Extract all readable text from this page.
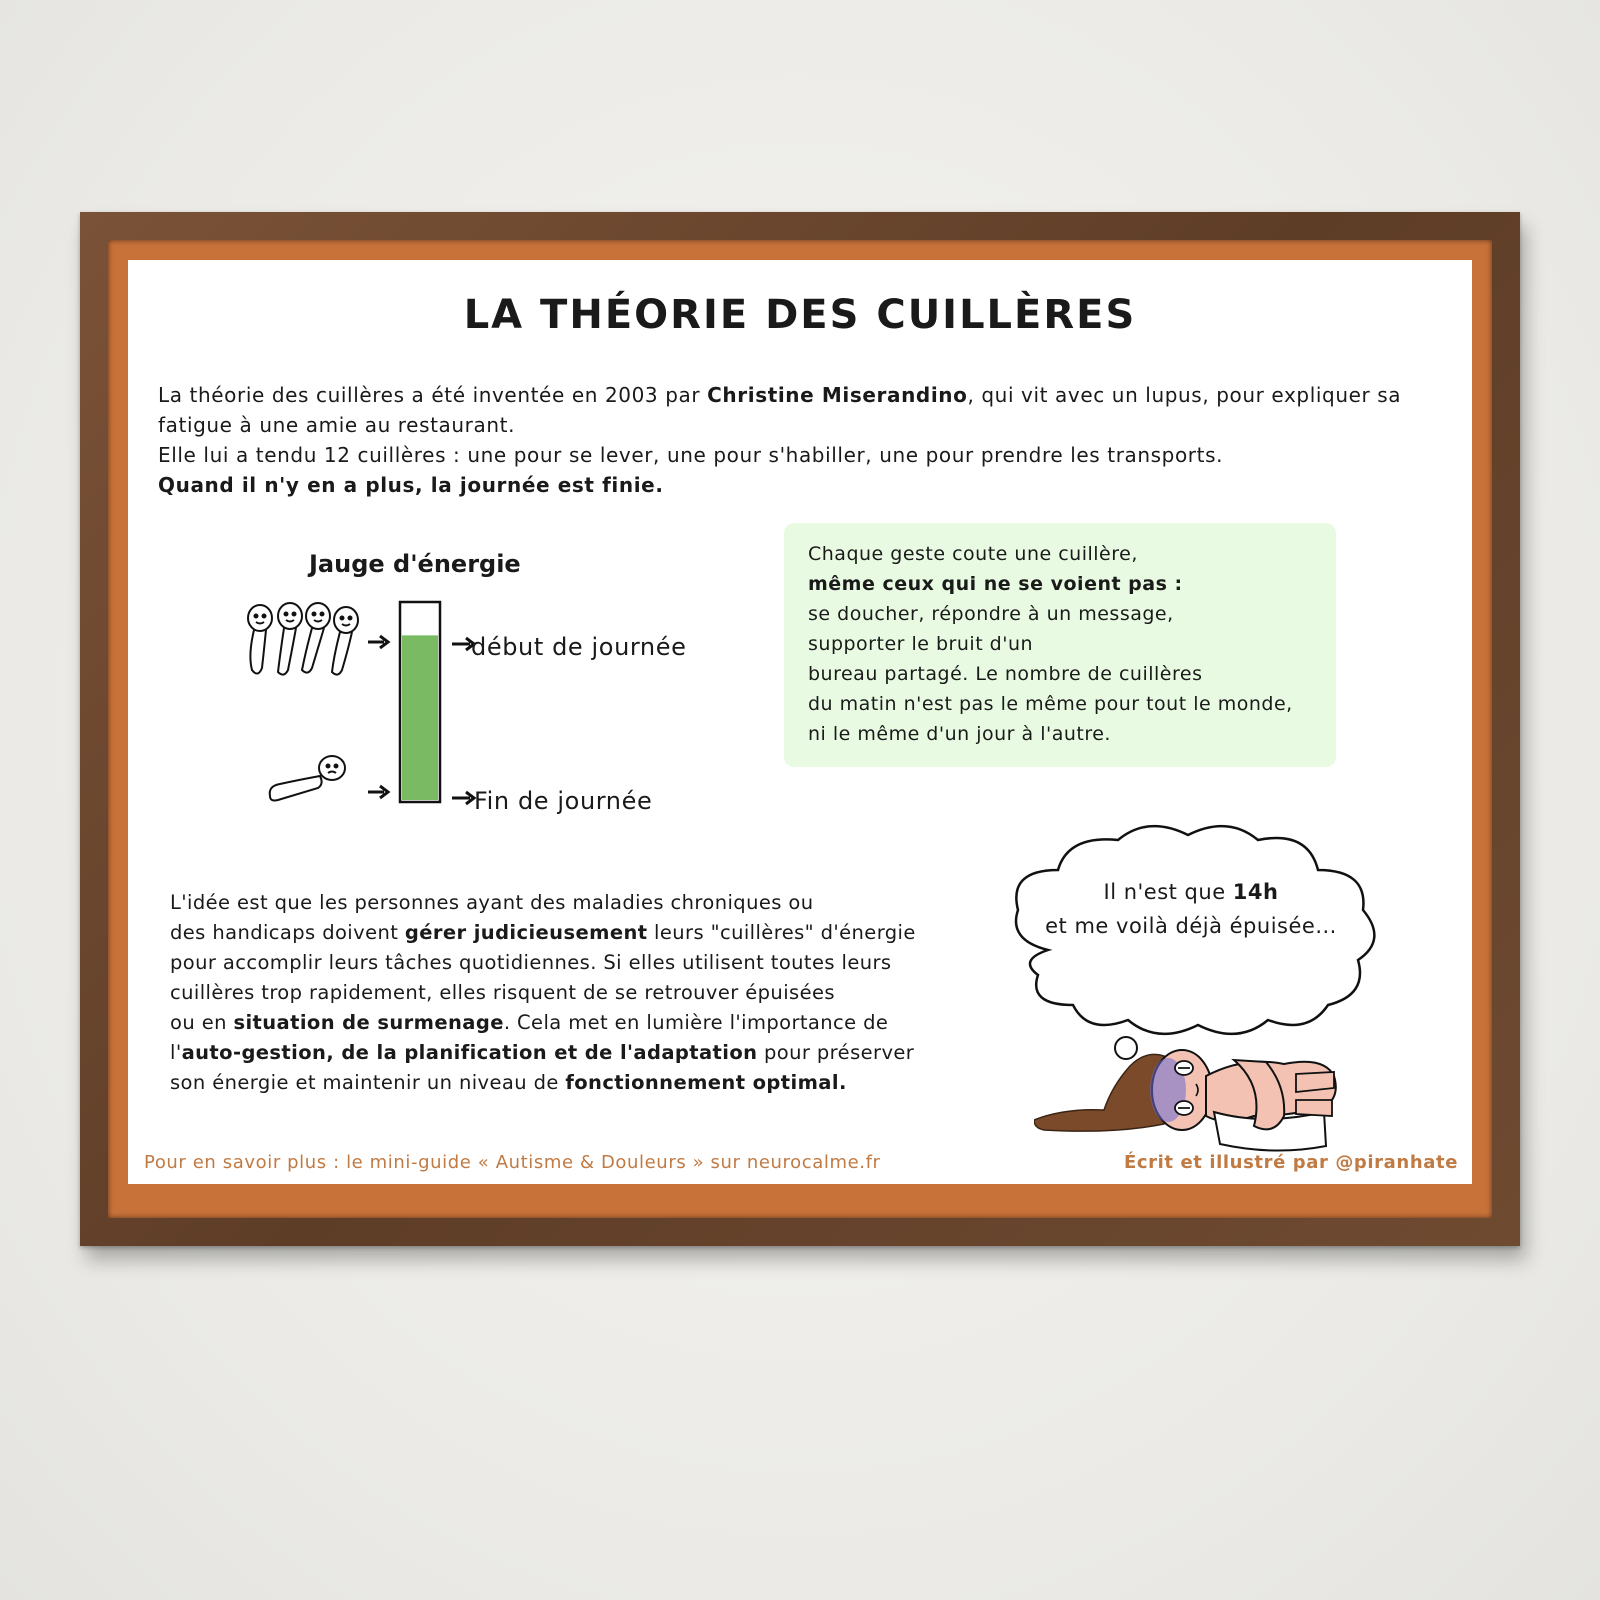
LA THÉORIE DES CUILLÈRES

La théorie des cuillères a été inventée en 2003 par Christine Miserandino, qui vit avec un lupus, pour expliquer sa fatigue à une amie au restaurant.

Elle lui a tendu 12 cuillères : une pour se lever, une pour s'habiller, une pour prendre les transports.

Quand il n'y en a plus, la journée est finie.

Jauge d'énergie
début de journée
Fin de journée
Chaque geste coute une cuillère,
même ceux qui ne se voient pas :
se doucher, répondre à un message,
supporter le bruit d'un
bureau partagé. Le nombre de cuillères
du matin n'est pas le même pour tout le monde,
ni le même d'un jour à l'autre.
L'idée est que les personnes ayant des maladies chroniques ou
des handicaps doivent gérer judicieusement leurs "cuillères" d'énergie
pour accomplir leurs tâches quotidiennes. Si elles utilisent toutes leurs
cuillères trop rapidement, elles risquent de se retrouver épuisées
ou en situation de surmenage. Cela met en lumière l'importance de
l'auto-gestion, de la planification et de l'adaptation pour préserver
son énergie et maintenir un niveau de fonctionnement optimal.
Il n'est que 14h
et me voilà déjà épuisée...
Pour en savoir plus : le mini-guide « Autisme & Douleurs » sur neurocalme.fr	Écrit et illustré par @piranhate
